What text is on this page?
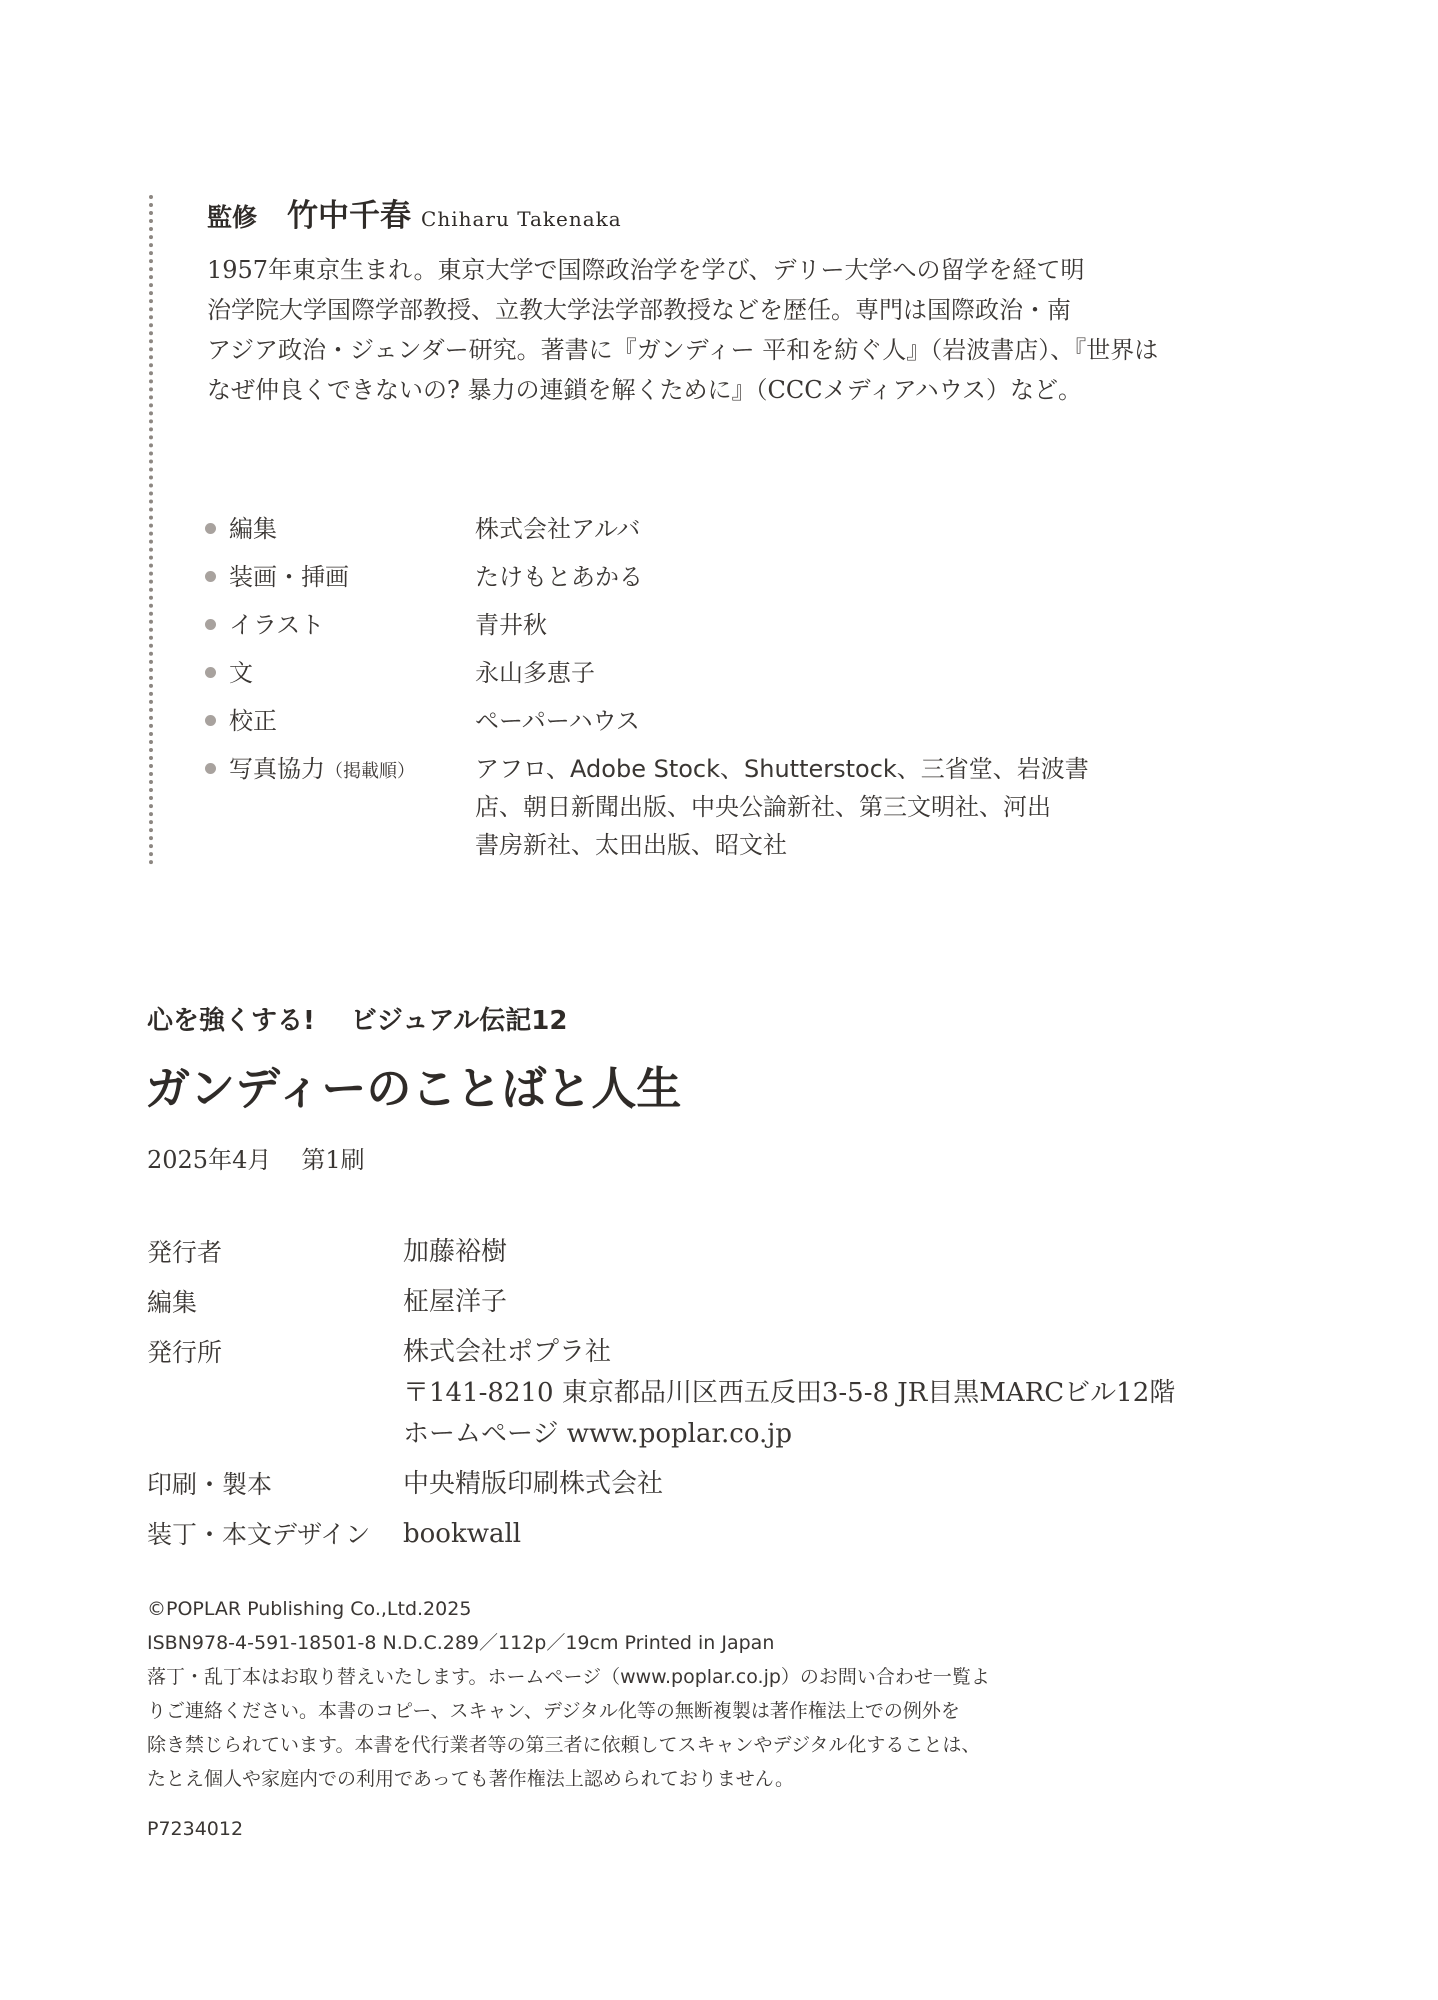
監修 竹中千春 Chiharu Takenaka
1957年東京生まれ。東京大学で国際政治学を学び、デリー大学への留学を経て明
治学院大学国際学部教授、立教大学法学部教授などを歴任。専門は国際政治・南
アジア政治・ジェンダー研究。著書に『ガンディー 平和を紡ぐ人』（岩波書店）、『世界は
なぜ仲良くできないの? 暴力の連鎖を解くために』（CCCメディアハウス）など。
編集	株式会社アルバ
装画・挿画	たけもとあかる
イラスト	青井秋
文	永山多恵子
校正	ペーパーハウス
写真協力（掲載順）	アフロ、Adobe Stock、Shutterstock、三省堂、岩波書
店、朝日新聞出版、中央公論新社、第三文明社、河出
書房新社、太田出版、昭文社
心を強くする! ビジュアル伝記12
ガンディーのことばと人生
2025年4月 第1刷
発行者	加藤裕樹
編集	柾屋洋子
発行所	株式会社ポプラ社
〒141-8210 東京都品川区西五反田3-5-8 JR目黒MARCビル12階
ホームページ www.poplar.co.jp
印刷・製本	中央精版印刷株式会社
装丁・本文デザイン	bookwall
©POPLAR Publishing Co.,Ltd.2025
ISBN978-4-591-18501-8 N.D.C.289／112p／19cm Printed in Japan
落丁・乱丁本はお取り替えいたします。ホームページ（www.poplar.co.jp）のお問い合わせ一覧よ
りご連絡ください。本書のコピー、スキャン、デジタル化等の無断複製は著作権法上での例外を
除き禁じられています。本書を代行業者等の第三者に依頼してスキャンやデジタル化することは、
たとえ個人や家庭内での利用であっても著作権法上認められておりません。
P7234012
